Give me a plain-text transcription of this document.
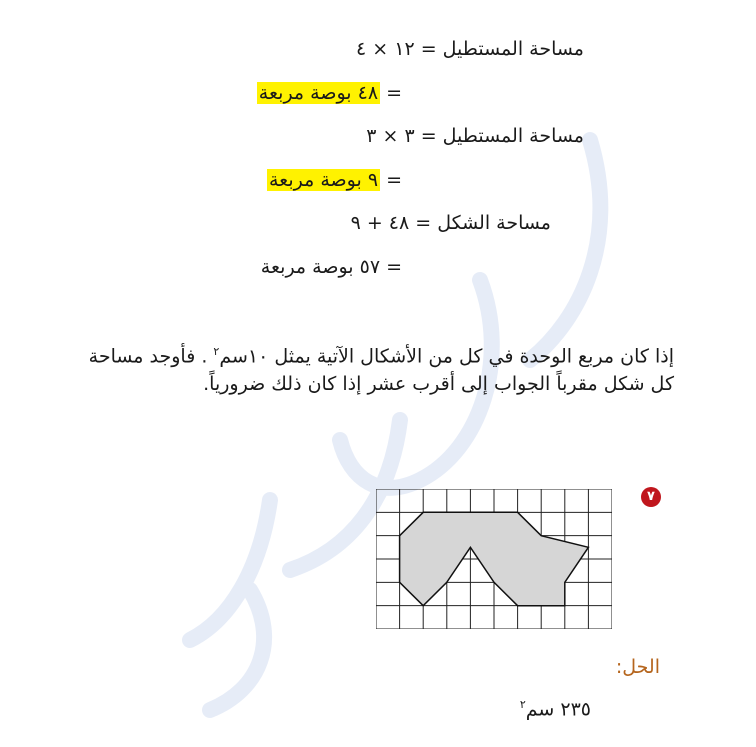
مساحة المستطيل = ١٢ × ٤
= ٤٨ بوصة مربعة
مساحة المستطيل = ٣ × ٣
= ٩ بوصة مربعة
مساحة الشكل = ٤٨ + ٩
= ٥٧ بوصة مربعة
إذا كان مربع الوحدة في كل من الأشكال الآتية يمثل ١٠سم$^٢$ . فأوجد مساحة كل شكل مقرباً الجواب إلى أقرب عشر إذا كان ذلك ضرورياً.
٧
الحل:
٢٣٥ سم$^٢$
